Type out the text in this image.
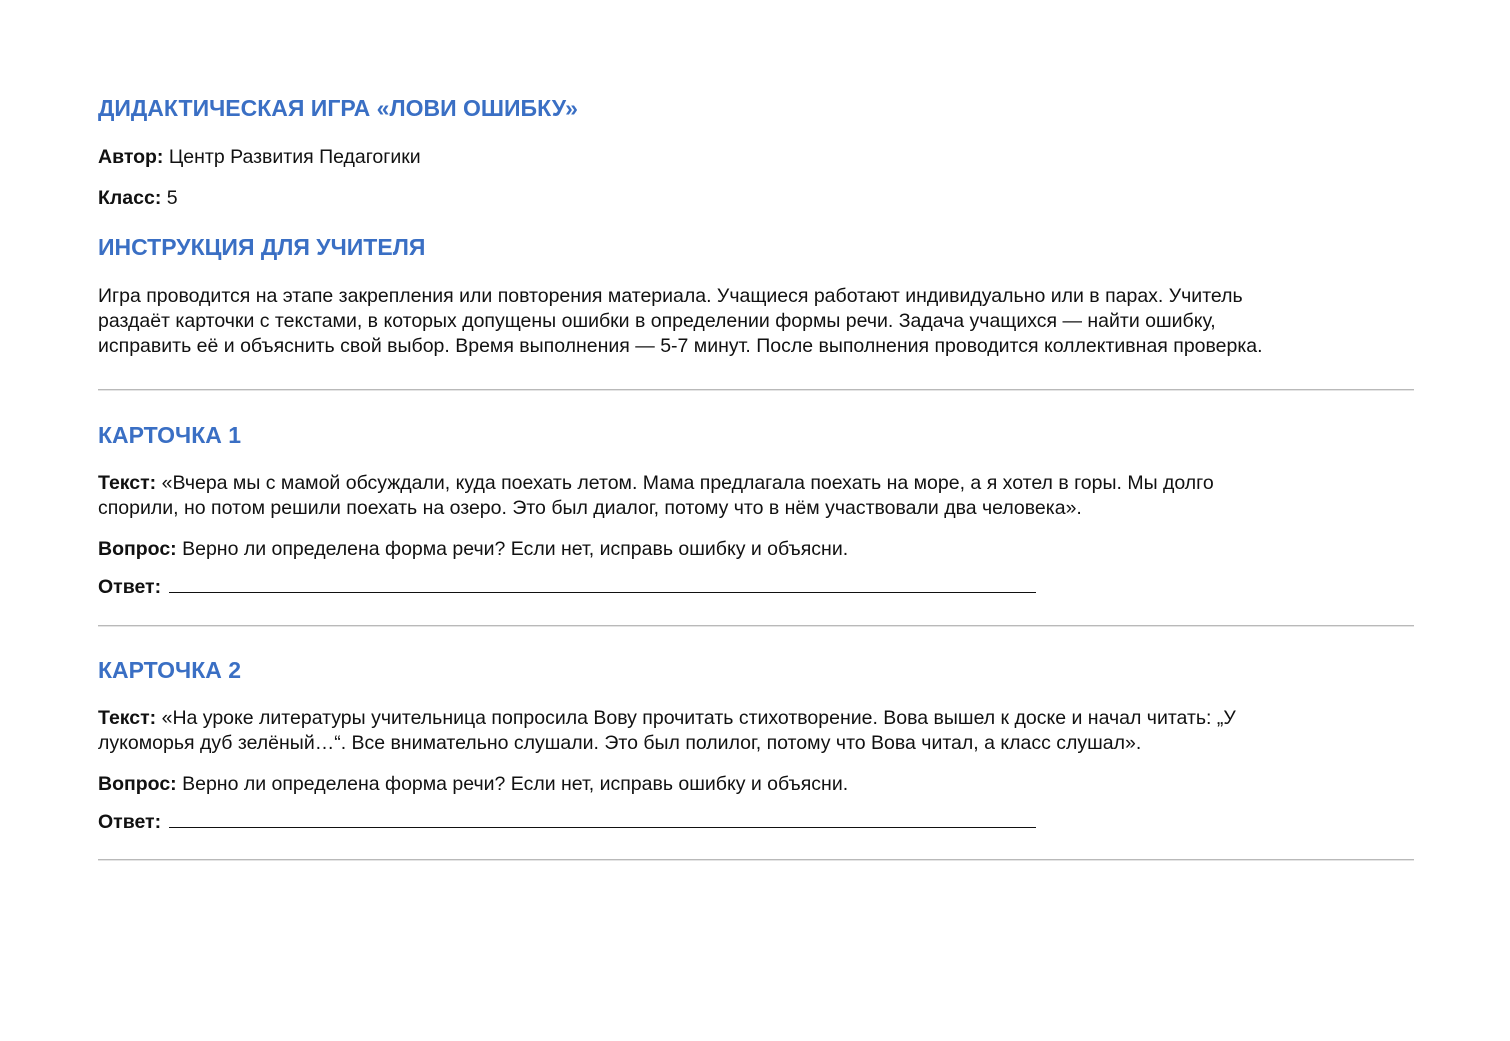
ДИДАКТИЧЕСКАЯ ИГРА «ЛОВИ ОШИБКУ»

Автор: Центр Развития Педагогики

Класс: 5

ИНСТРУКЦИЯ ДЛЯ УЧИТЕЛЯ
Игра проводится на этапе закрепления или повторения материала. Учащиеся работают индивидуально или в парах. Учитель
раздаёт карточки с текстами, в которых допущены ошибки в определении формы речи. Задача учащихся — найти ошибку,
исправить её и объяснить свой выбор. Время выполнения — 5-7 минут. После выполнения проводится коллективная проверка.
КАРТОЧКА 1
Текст: «Вчера мы с мамой обсуждали, куда поехать летом. Мама предлагала поехать на море, а я хотел в горы. Мы долго
спорили, но потом решили поехать на озеро. Это был диалог, потому что в нём участвовали два человека».

Вопрос: Верно ли определена форма речи? Если нет, исправь ошибку и объясни.

Ответ:

КАРТОЧКА 2
Текст: «На уроке литературы учительница попросила Вову прочитать стихотворение. Вова вышел к доске и начал читать: „У
лукоморья дуб зелёный…“. Все внимательно слушали. Это был полилог, потому что Вова читал, а класс слушал».

Вопрос: Верно ли определена форма речи? Если нет, исправь ошибку и объясни.

Ответ:
